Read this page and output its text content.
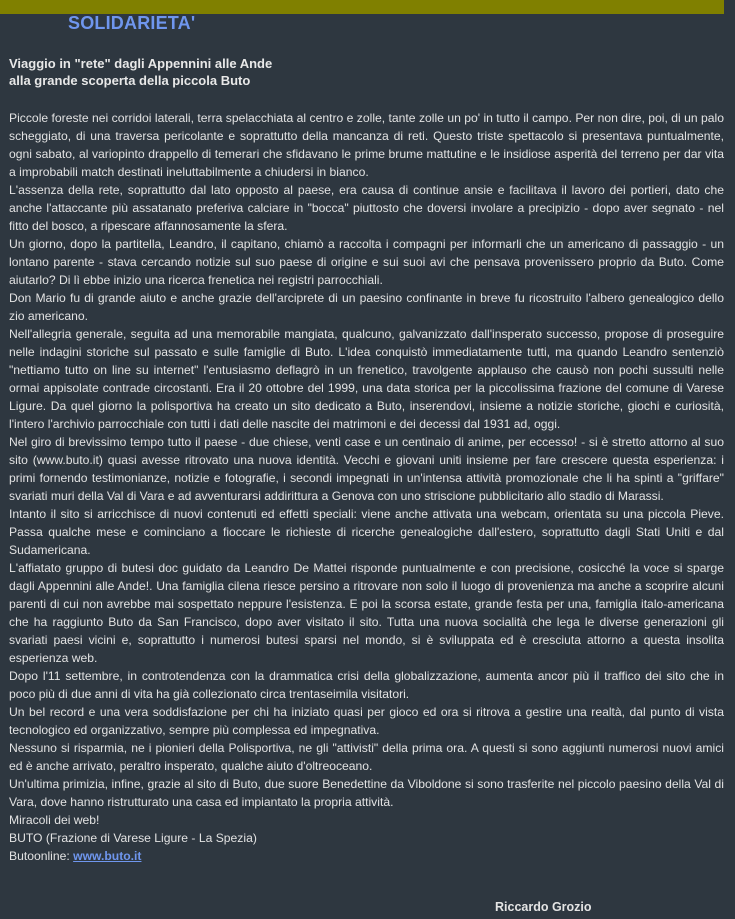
SOLIDARIETA'
Viaggio in "rete" dagli Appennini alle Ande
alla grande scoperta della piccola Buto

Piccole foreste nei corridoi laterali, terra spelacchiata al centro e zolle, tante zolle un po' in tutto il campo. Per non dire, poi, di un palo scheggiato, di una traversa pericolante e soprattutto della mancanza di reti. Questo triste spettacolo si presentava puntualmente, ogni sabato, al variopinto drappello di temerari che sfidavano le prime brume mattutine e le insidiose asperità del terreno per dar vita a improbabili match destinati ineluttabilmente a chiudersi in bianco.

L'assenza della rete, soprattutto dal lato opposto al paese, era causa di continue ansie e facilitava il lavoro dei portieri, dato che anche l'attaccante più assatanato preferiva calciare in "bocca" piuttosto che doversi involare a precipizio - dopo aver segnato - nel fitto del bosco, a ripescare affannosamente la sfera.

Un giorno, dopo la partitella, Leandro, il capitano, chiamò a raccolta i compagni per informarli che un americano di passaggio - un lontano parente - stava cercando notizie sul suo paese di origine e sui suoi avi che pensava provenissero proprio da Buto. Come aiutarlo? Di lì ebbe inizio una ricerca frenetica nei registri parrocchiali.

Don Mario fu di grande aiuto e anche grazie dell'arciprete di un paesino confinante in breve fu ricostruito l'albero genealogico dello zio americano.

Nell'allegria generale, seguita ad una memorabile mangiata, qualcuno, galvanizzato dall'insperato successo, propose di proseguire nelle indagini storiche sul passato e sulle famiglie di Buto. L'idea conquistò immediatamente tutti, ma quando Leandro sentenziò "nettiamo tutto on line su internet" l'entusiasmo deflagrò in un frenetico, travolgente applauso che causò non pochi sussulti nelle ormai appisolate contrade circostanti. Era il 20 ottobre del 1999, una data storica per la piccolissima frazione del comune di Varese Ligure. Da quel giorno la polisportiva ha creato un sito dedicato a Buto, inserendovi, insieme a notizie storiche, giochi e curiosità, l'intero l'archivio parrocchiale con tutti i dati delle nascite dei matrimoni e dei decessi dal 1931 ad, oggi.

Nel giro di brevissimo tempo tutto il paese - due chiese, venti case e un centinaio di anime, per eccesso! - si è stretto attorno al suo sito (www.buto.it) quasi avesse ritrovato una nuova identità. Vecchi e giovani uniti insieme per fare crescere questa esperienza: i primi fornendo testimonianze, notizie e fotografie, i secondi impegnati in un'intensa attività promozionale che li ha spinti a "griffare" svariati muri della Val di Vara e ad avventurarsi addirittura a Genova con uno striscione pubblicitario allo stadio di Marassi.

Intanto il sito si arricchisce di nuovi contenuti ed effetti speciali: viene anche attivata una webcam, orientata su una piccola Pieve. Passa qualche mese e cominciano a fioccare le richieste di ricerche genealogiche dall'estero, soprattutto dagli Stati Uniti e dal Sudamericana.

L'affiatato gruppo di butesi doc guidato da Leandro De Mattei risponde puntualmente e con precisione, cosicché la voce si sparge dagli Appennini alle Ande!. Una famiglia cilena riesce persino a ritrovare non solo il luogo di provenienza ma anche a scoprire alcuni parenti di cui non avrebbe mai sospettato neppure l'esistenza. E poi la scorsa estate, grande festa per una, famiglia italo-americana che ha raggiunto Buto da San Francisco, dopo aver visitato il sito. Tutta una nuova socialità che lega le diverse generazioni gli svariati paesi vicini e, soprattutto i numerosi butesi sparsi nel mondo, si è sviluppata ed è cresciuta attorno a questa insolita esperienza web.

Dopo l'11 settembre, in controtendenza con la drammatica crisi della globalizzazione, aumenta ancor più il traffico dei sito che in poco più di due anni di vita ha già collezionato circa trentaseimila visitatori.

Un bel record e una vera soddisfazione per chi ha iniziato quasi per gioco ed ora si ritrova a gestire una realtà, dal punto di vista tecnologico ed organizzativo, sempre più complessa ed impegnativa.

Nessuno si risparmia, ne i pionieri della Polisportiva, ne gli "attivisti" della prima ora. A questi si sono aggiunti numerosi nuovi amici ed è anche arrivato, peraltro insperato, qualche aiuto d'oltreoceano.

Un'ultima primizia, infine, grazie al sito di Buto, due suore Benedettine da Viboldone si sono trasferite nel piccolo paesino della Val di Vara, dove hanno ristrutturato una casa ed impiantato la propria attività.

Miracoli dei web!

BUTO (Frazione di Varese Ligure - La Spezia)

Butoonline: www.buto.it

Riccardo Grozio
